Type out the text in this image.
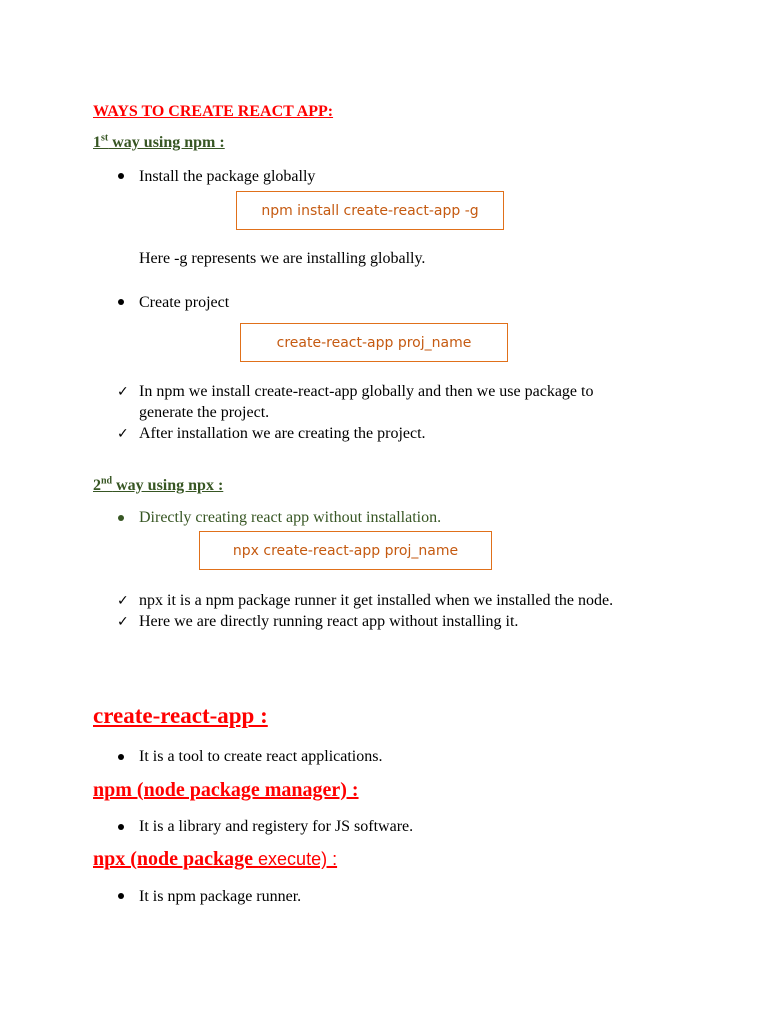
WAYS TO CREATE REACT APP:
1st way using npm :
Install the package globally
npm install create-react-app -g
Here -g represents we are installing globally.
Create project
create-react-app proj_name
✓ In npm we install create-react-app globally and then we use package to
generate the project.
✓ After installation we are creating the project.
2nd way using npx :
Directly creating react app without installation.
npx create-react-app proj_name
✓ npx it is a npm package runner it get installed when we installed the node.
✓ Here we are directly running react app without installing it.
create-react-app :
It is a tool to create react applications.
npm (node package manager) :
It is a library and registery for JS software.
npx (node package execute) :
It is npm package runner.
